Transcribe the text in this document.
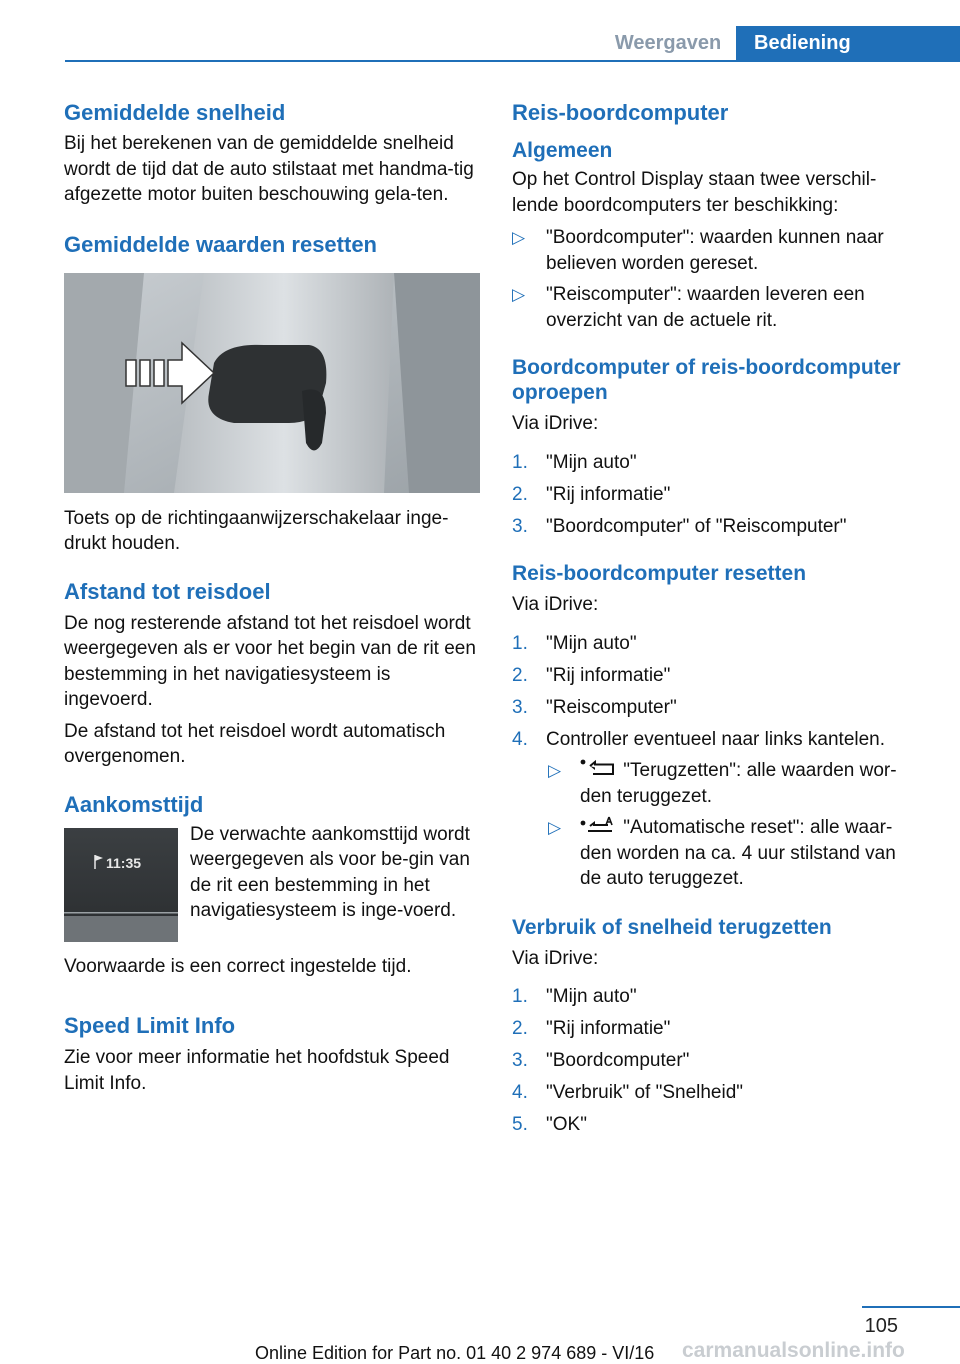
Weergaven	Bediening
Gemiddelde snelheid

Bij het berekenen van de gemiddelde snelheid wordt de tijd dat de auto stilstaat met handma-tig afgezette motor buiten beschouwing gela-ten.

Gemiddelde waarden resetten

Toets op de richtingaanwijzerschakelaar inge-drukt houden.

Afstand tot reisdoel

De nog resterende afstand tot het reisdoel wordt weergegeven als er voor het begin van de rit een bestemming in het navigatiesysteem is ingevoerd.

De afstand tot het reisdoel wordt automatisch overgenomen.

Aankomsttijd
11:35

De verwachte aankomsttijd wordt weergegeven als voor be-gin van de rit een bestemming in het navigatiesysteem is inge-voerd.

Voorwaarde is een correct ingestelde tijd.

Speed Limit Info

Zie voor meer informatie het hoofdstuk Speed Limit Info.

Reis-boordcomputer
Algemeen

Op het Control Display staan twee verschil-lende boordcomputers ter beschikking:

▷ "Boordcomputer": waarden kunnen naar believen worden gereset.
▷ "Reiscomputer": waarden leveren een overzicht van de actuele rit.
Boordcomputer of reis-boordcomputer oproepen

Via iDrive:

1. "Mijn auto"
2. "Rij informatie"
3. "Boordcomputer" of "Reiscomputer"
Reis-boordcomputer resetten

Via iDrive:

1. "Mijn auto"
2. "Rij informatie"
3. "Reiscomputer"
4. Controller eventueel naar links kantelen.
▷	"Terugzetten": alle waarden wor-den teruggezet.
▷	"Automatische reset": alle waar-den worden na ca. 4 uur stilstand van de auto teruggezet.
Verbruik of snelheid terugzetten

Via iDrive:

1. "Mijn auto"
2. "Rij informatie"
3. "Boordcomputer"
4. "Verbruik" of "Snelheid"
5. "OK"
105
carmanualsonline.info
Online Edition for Part no. 01 40 2 974 689 - VI/16
